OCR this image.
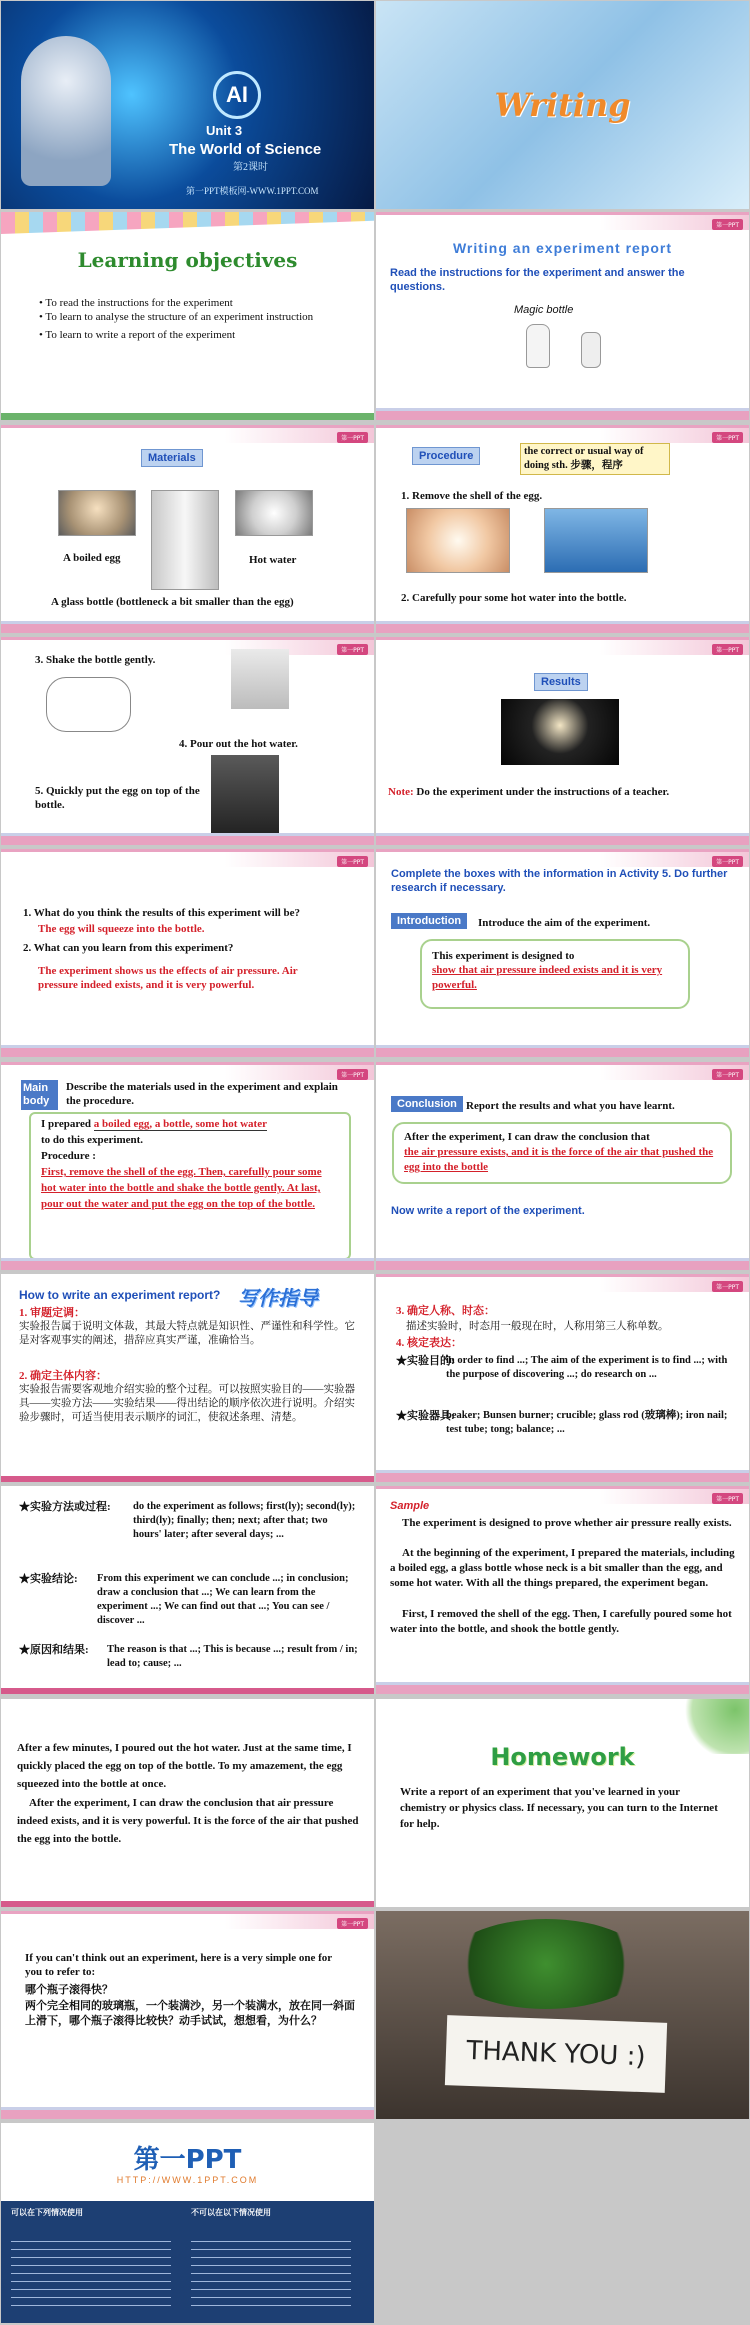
AI
Unit 3
The World of Science
第2课时
第一PPT模板网-WWW.1PPT.COM
Writing
Learning objectives
• To read the instructions for the experiment
• To learn to analyse the structure of an experiment instruction
• To learn to write a report of the experiment
第一PPT
Writing an experiment report
Read the instructions for the experiment and answer the questions.
Magic bottle
第一PPT
Materials
A boiled egg	Hot water
A glass bottle (bottleneck a bit smaller than the egg)
第一PPT
Procedure	the correct or usual way of doing sth. 步骤，程序
1. Remove the shell of the egg.
2. Carefully pour some hot water into the bottle.
第一PPT
3. Shake the bottle gently.
4. Pour out the hot water.
5. Quickly put the egg on top of the bottle.
第一PPT
Results
Note: Do the experiment under the instructions of a teacher.
第一PPT
1. What do you think the results of this experiment will be?
The egg will squeeze into the bottle.
2. What can you learn from this experiment?
The experiment shows us the effects of air pressure. Air pressure indeed exists, and it is very powerful.
第一PPT
Complete the boxes with the information in Activity 5. Do further research if necessary.
Introduction	Introduce the aim of the experiment.
This experiment is designed to
show that air pressure indeed exists and it is very powerful.
第一PPT
Main body
Describe the materials used in the experiment and explain the procedure.
I prepared a boiled egg, a bottle, some hot water
to do this experiment.
Procedure :
First, remove the shell of the egg. Then, carefully pour some hot water into the bottle and shake the bottle gently. At last, pour out the water and put the egg on the top of the bottle.
第一PPT
Conclusion Report the results and what you have learnt.
After the experiment, I can draw the conclusion that
the air pressure exists, and it is the force of the air that pushed the egg into the bottle
Now write a report of the experiment.
How to write an experiment report? 写作指导
1. 审题定调：
实验报告属于说明文体裁，其最大特点就是知识性、严谨性和科学性。它是对客观事实的阐述，措辞应真实严谨，准确恰当。
2. 确定主体内容：
实验报告需要客观地介绍实验的整个过程。可以按照实验目的——实验器具——实验方法——实验结果——得出结论的顺序依次进行说明。介绍实验步骤时，可适当使用表示顺序的词汇，使叙述条理、清楚。
第一PPT
3. 确定人称、时态：
描述实验时，时态用一般现在时，人称用第三人称单数。
4. 核定表达：
★实验目的:
in order to find ...; The aim of the experiment is to find ...; with the purpose of discovering ...; do research on ...
★实验器具:
beaker; Bunsen burner; crucible; glass rod (玻璃棒); iron nail; test tube; tong; balance; ...
★实验方法或过程: do the experiment as follows; first(ly); second(ly); third(ly); finally; then; next; after that; two hours' later; after several days; ...
★实验结论: From this experiment we can conclude ...; in conclusion; draw a conclusion that ...; We can learn from the experiment ...; We can find out that ...; You can see / discover ...
★原因和结果: The reason is that ...; This is because ...; result from / in; lead to; cause; ...
第一PPT
Sample
The experiment is designed to prove whether air pressure really exists.
At the beginning of the experiment, I prepared the materials, including a boiled egg, a glass bottle whose neck is a bit smaller than the egg, and some hot water. With all the things prepared, the experiment began.
First, I removed the shell of the egg. Then, I carefully poured some hot water into the bottle, and shook the bottle gently.
After a few minutes, I poured out the hot water. Just at the same time, I quickly placed the egg on top of the bottle. To my amazement, the egg squeezed into the bottle at once.
After the experiment, I can draw the conclusion that air pressure indeed exists, and it is very powerful. It is the force of the air that pushed the egg into the bottle.
Homework
Write a report of an experiment that you've learned in your chemistry or physics class. If necessary, you can turn to the Internet for help.
第一PPT
If you can't think out an experiment, here is a very simple one for you to refer to:
哪个瓶子滚得快？
两个完全相同的玻璃瓶，一个装满沙，另一个装满水，放在同一斜面上滑下，哪个瓶子滚得比较快？动手试试，想想看，为什么？
THANK YOU :)
第一PPT
HTTP://WWW.1PPT.COM
可以在下列情况使用	不可以在以下情况使用
